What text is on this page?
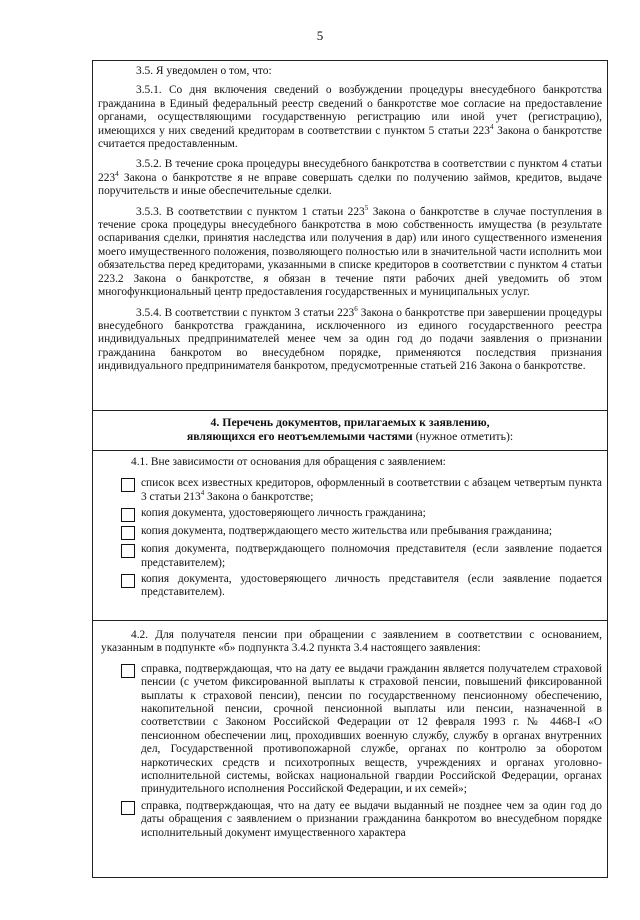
5

3.5. Я уведомлен о том, что:

3.5.1. Со дня включения сведений о возбуждении процедуры внесудебного банкротства гражданина в Единый федеральный реестр сведений о банкротстве мое согласие на предоставление органами, осуществляющими государственную регистрацию или иной учет (регистрацию), имеющихся у них сведений кредиторам в соответствии с пунктом 5 статьи $223^4$ Закона о банкротстве считается предоставленным.

3.5.2. В течение срока процедуры внесудебного банкротства в соответствии с пунктом 4 статьи $223^4$ Закона о банкротстве я не вправе совершать сделки по получению займов, кредитов, выдаче поручительств и иные обеспечительные сделки.

3.5.3. В соответствии с пунктом 1 статьи $223^5$ Закона о банкротстве в случае поступления в течение срока процедуры внесудебного банкротства в мою собственность имущества (в результате оспаривания сделки, принятия наследства или получения в дар) или иного существенного изменения моего имущественного положения, позволяющего полностью или в значительной части исполнить мои обязательства перед кредиторами, указанными в списке кредиторов в соответствии с пунктом 4 статьи 223.2 Закона о банкротстве, я обязан в течение пяти рабочих дней уведомить об этом многофункциональный центр предоставления государственных и муниципальных услуг.

3.5.4. В соответствии с пунктом 3 статьи $223^6$ Закона о банкротстве при завершении процедуры внесудебного банкротства гражданина, исключенного из единого государственного реестра индивидуальных предпринимателей менее чем за один год до подачи заявления о признании гражданина банкротом во внесудебном порядке, применяются последствия признания индивидуального предпринимателя банкротом, предусмотренные статьей 216 Закона о банкротстве.

4. Перечень документов, прилагаемых к заявлению,
являющихся его неотъемлемыми частями (нужное отметить):

4.1. Вне зависимости от основания для обращения с заявлением:

список всех известных кредиторов, оформленный в соответствии с абзацем четвертым пункта 3 статьи $213^4$ Закона о банкротстве;

копия документа, удостоверяющего личность гражданина;

копия документа, подтверждающего место жительства или пребывания гражданина;

копия документа, подтверждающего полномочия представителя (если заявление подается представителем);

копия документа, удостоверяющего личность представителя (если заявление подается представителем).

4.2. Для получателя пенсии при обращении с заявлением в соответствии с основанием, указанным в подпункте «б» подпункта 3.4.2 пункта 3.4 настоящего заявления:

справка, подтверждающая, что на дату ее выдачи гражданин является получателем страховой пенсии (с учетом фиксированной выплаты к страховой пенсии, повышений фиксированной выплаты к страховой пенсии), пенсии по государственному пенсионному обеспечению, накопительной пенсии, срочной пенсионной выплаты или пенсии, назначенной в соответствии с Законом Российской Федерации от 12 февраля 1993 г. № 4468-I «О пенсионном обеспечении лиц, проходивших военную службу, службу в органах внутренних дел, Государственной противопожарной службе, органах по контролю за оборотом наркотических средств и психотропных веществ, учреждениях и органах уголовно-исполнительной системы, войсках национальной гвардии Российской Федерации, органах принудительного исполнения Российской Федерации, и их семей»;

справка, подтверждающая, что на дату ее выдачи выданный не позднее чем за один год до даты обращения с заявлением о признании гражданина банкротом во внесудебном порядке исполнительный документ имущественного характера
